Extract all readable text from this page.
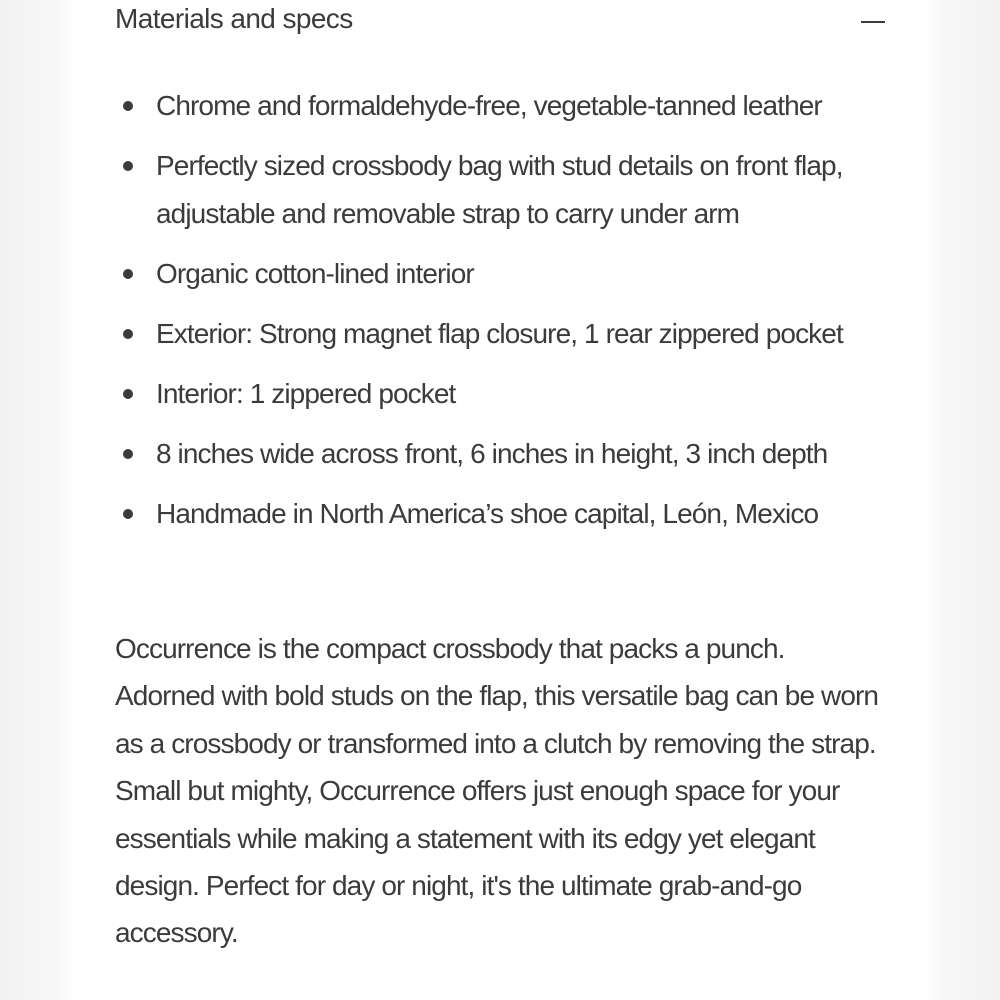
Materials and specs
Chrome and formaldehyde-free, vegetable-tanned leather
Perfectly sized crossbody bag with stud details on front flap, adjustable and removable strap to carry under arm
Organic cotton-lined interior
Exterior: Strong magnet flap closure, 1 rear zippered pocket
Interior: 1 zippered pocket
8 inches wide across front, 6 inches in height, 3 inch depth
Handmade in North America’s shoe capital, León, Mexico

Occurrence is the compact crossbody that packs a punch. Adorned with bold studs on the flap, this versatile bag can be worn as a crossbody or transformed into a clutch by removing the strap. Small but mighty, Occurrence offers just enough space for your essentials while making a statement with its edgy yet elegant design. Perfect for day or night, it's the ultimate grab-and-go accessory.
